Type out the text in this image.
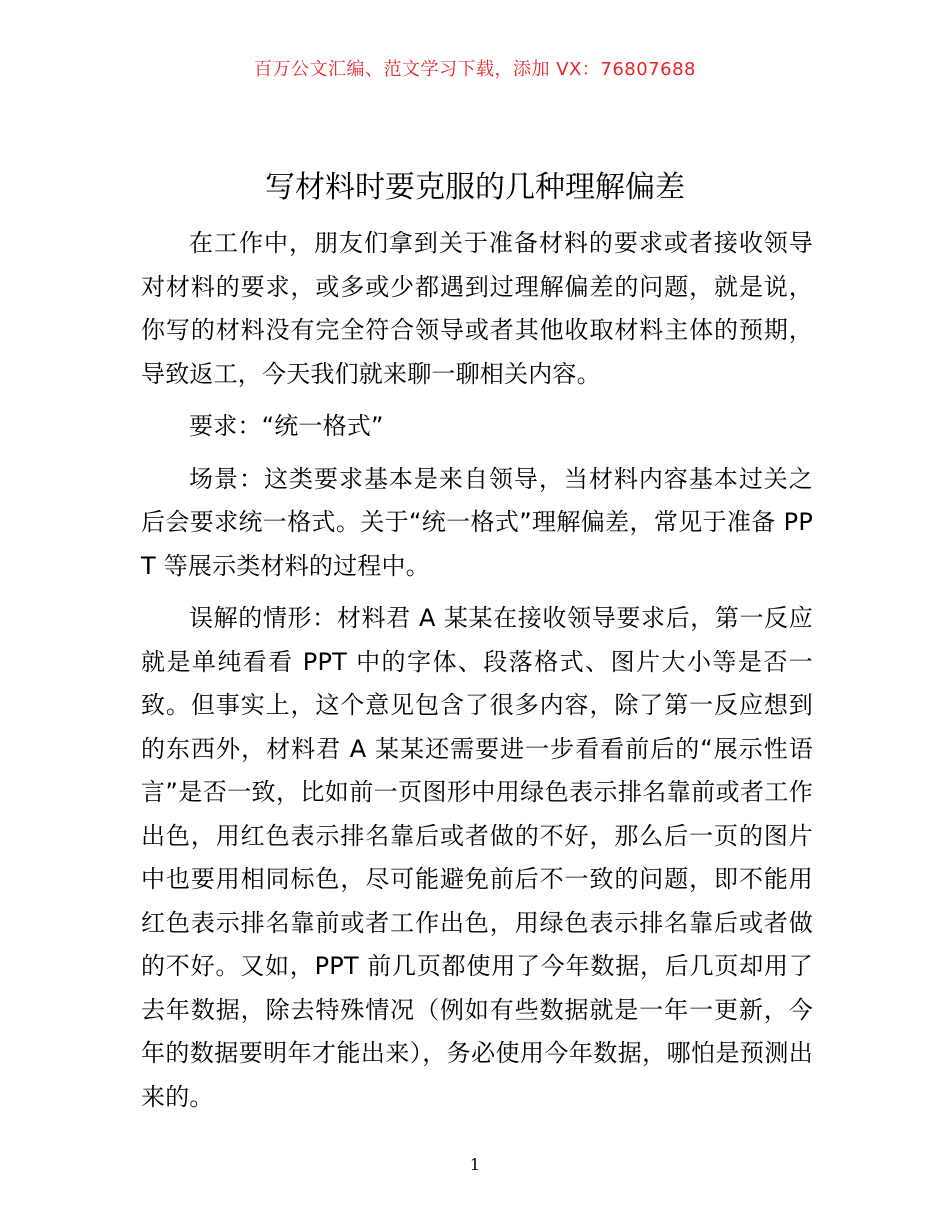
百万公文汇编、范文学习下载，添加 VX：76807688
写材料时要克服的几种理解偏差

在工作中，朋友们拿到关于准备材料的要求或者接收领导对材料的要求，或多或少都遇到过理解偏差的问题，就是说，你写的材料没有完全符合领导或者其他收取材料主体的预期，导致返工，今天我们就来聊一聊相关内容。

要求：“统一格式”

场景：这类要求基本是来自领导，当材料内容基本过关之后会要求统一格式。关于“统一格式”理解偏差，常见于准备 PPT 等展示类材料的过程中。

误解的情形：材料君 A 某某在接收领导要求后，第一反应就是单纯看看 PPT 中的字体、段落格式、图片大小等是否一致。但事实上，这个意见包含了很多内容，除了第一反应想到的东西外，材料君 A 某某还需要进一步看看前后的“展示性语言”是否一致，比如前一页图形中用绿色表示排名靠前或者工作出色，用红色表示排名靠后或者做的不好，那么后一页的图片中也要用相同标色，尽可能避免前后不一致的问题，即不能用红色表示排名靠前或者工作出色，用绿色表示排名靠后或者做的不好。又如，PPT 前几页都使用了今年数据，后几页却用了去年数据，除去特殊情况（例如有些数据就是一年一更新，今年的数据要明年才能出来），务必使用今年数据，哪怕是预测出来的。

1
